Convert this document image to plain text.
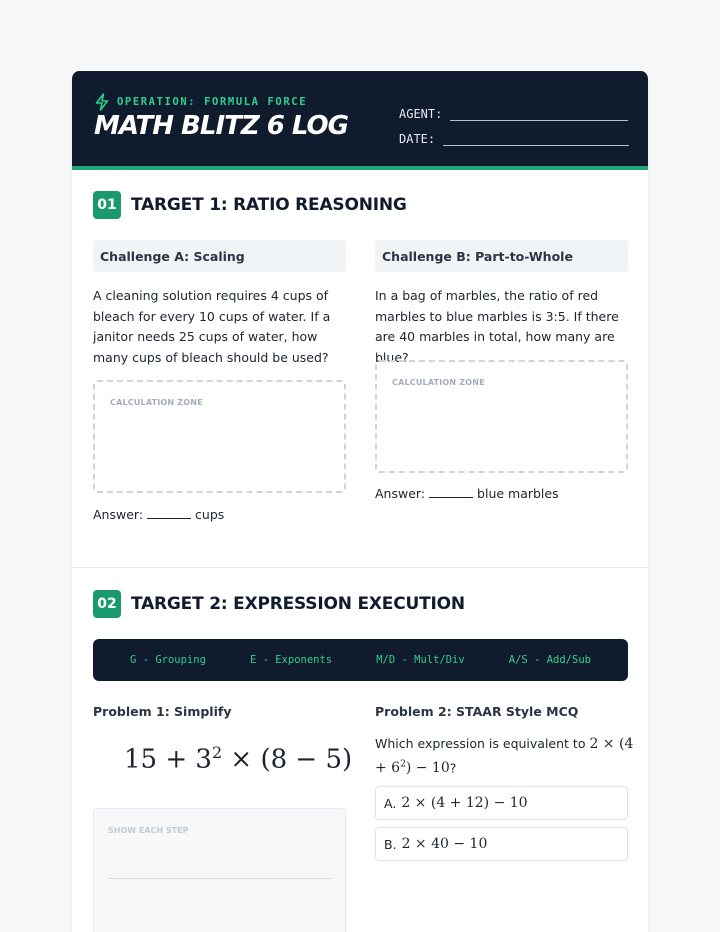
OPERATION: FORMULA FORCE
MATH BLITZ 6 LOG	AGENT:
DATE:
01 TARGET 1: RATIO REASONING
Challenge A: Scaling
A cleaning solution requires 4 cups of bleach for every 10 cups of water. If a janitor needs 25 cups of water, how many cups of bleach should be used?
CALCULATION ZONE
Answer:	cups
Challenge B: Part-to-Whole
In a bag of marbles, the ratio of red marbles to blue marbles is 3:5. If there are 40 marbles in total, how many are blue?
CALCULATION ZONE
Answer:	blue marbles
02 TARGET 2: EXPRESSION EXECUTION
G - Grouping	E - Exponents	M/D - Mult/Div	A/S - Add/Sub
Problem 1: Simplify
$15 + 3^2 \times (8 - 5)$
SHOW EACH STEP
Problem 2: STAAR Style MCQ
Which expression is equivalent to 2 × (4
+ $6^2) - 10$?
A. 2 × (4 + 12) − 10
B. 2 × 40 − 10
